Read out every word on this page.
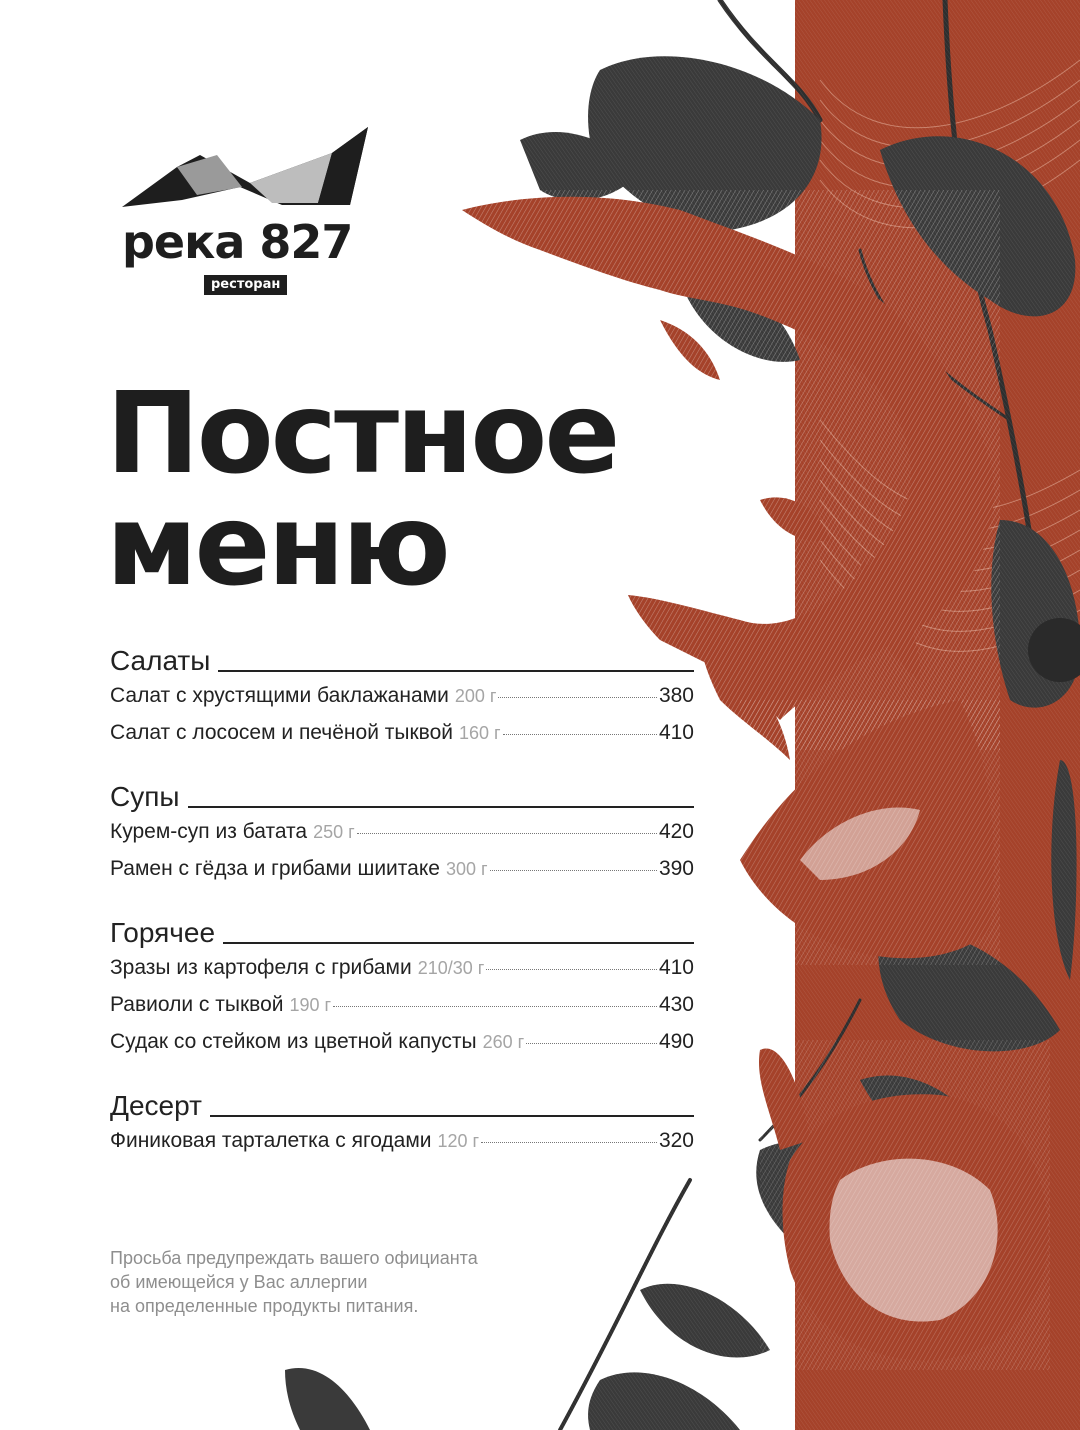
река 827
ресторан
Постное
меню
Салаты
Салат с хрустящими баклажанами 200 г	380
Салат с лососем и печёной тыквой 160 г	410
Супы
Курем-суп из батата 250 г	420
Рамен с гёдза и грибами шиитаке 300 г	390
Горячее
Зразы из картофеля с грибами 210/30 г	410
Равиоли с тыквой 190 г	430
Судак со стейком из цветной капусты 260 г	490
Десерт
Финиковая тарталетка с ягодами 120 г	320
Просьба предупреждать вашего официанта
об имеющейся у Вас аллергии
на определенные продукты питания.
